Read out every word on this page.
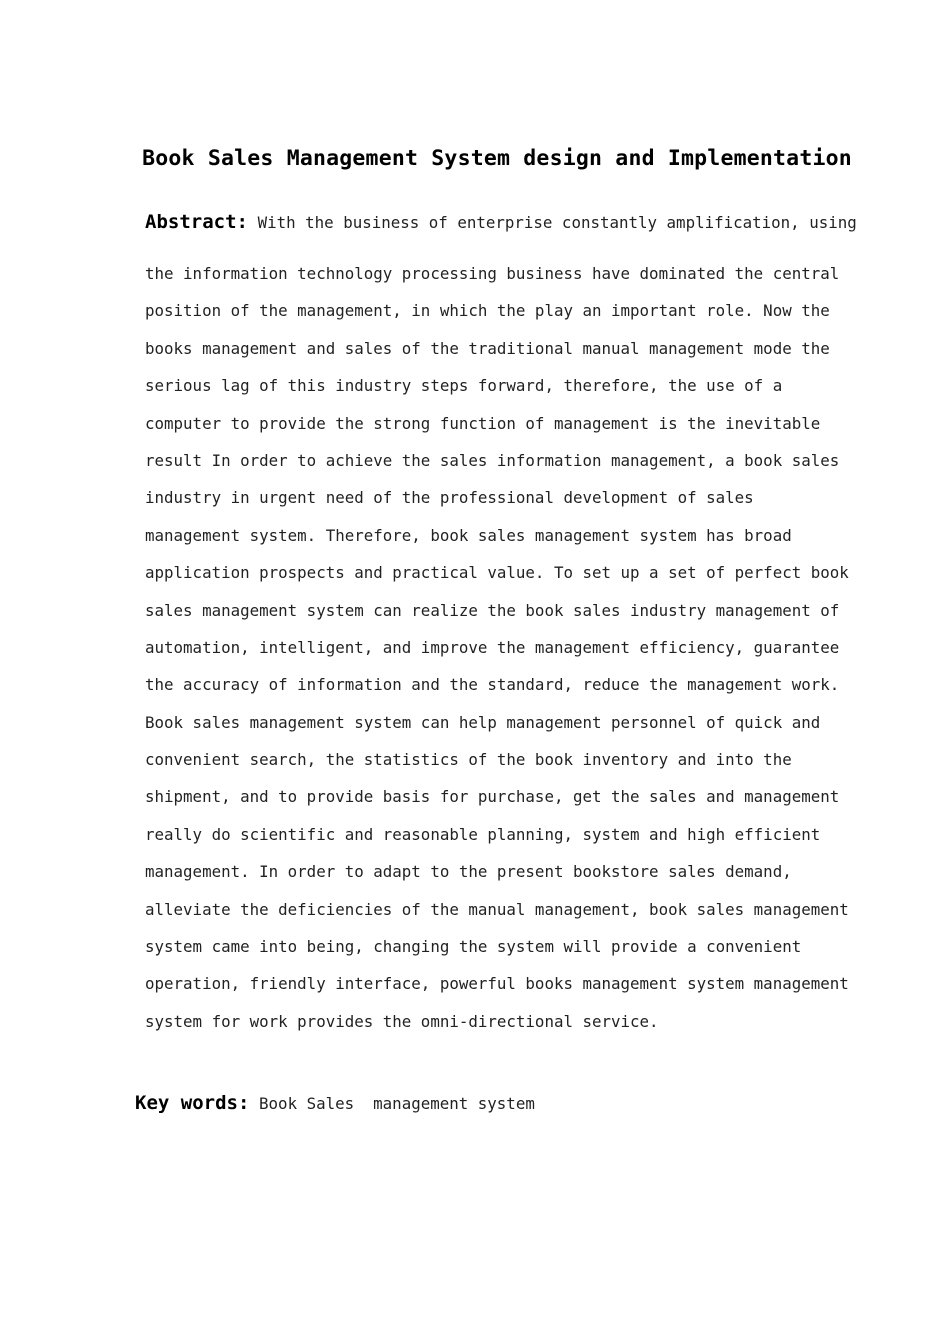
Book Sales Management System design and Implementation

Abstract: With the business of enterprise constantly amplification, using

the information technology processing business have dominated the central
position of the management, in which the play an important role. Now the
books management and sales of the traditional manual management mode the
serious lag of this industry steps forward, therefore, the use of a
computer to provide the strong function of management is the inevitable
result In order to achieve the sales information management, a book sales
industry in urgent need of the professional development of sales
management system. Therefore, book sales management system has broad
application prospects and practical value. To set up a set of perfect book
sales management system can realize the book sales industry management of
automation, intelligent, and improve the management efficiency, guarantee
the accuracy of information and the standard, reduce the management work.
Book sales management system can help management personnel of quick and
convenient search, the statistics of the book inventory and into the
shipment, and to provide basis for purchase, get the sales and management
really do scientific and reasonable planning, system and high efficient
management. In order to adapt to the present bookstore sales demand,
alleviate the deficiencies of the manual management, book sales management
system came into being, changing the system will provide a convenient
operation, friendly interface, powerful books management system management
system for work provides the omni-directional service.

Key words: Book Sales  management system
